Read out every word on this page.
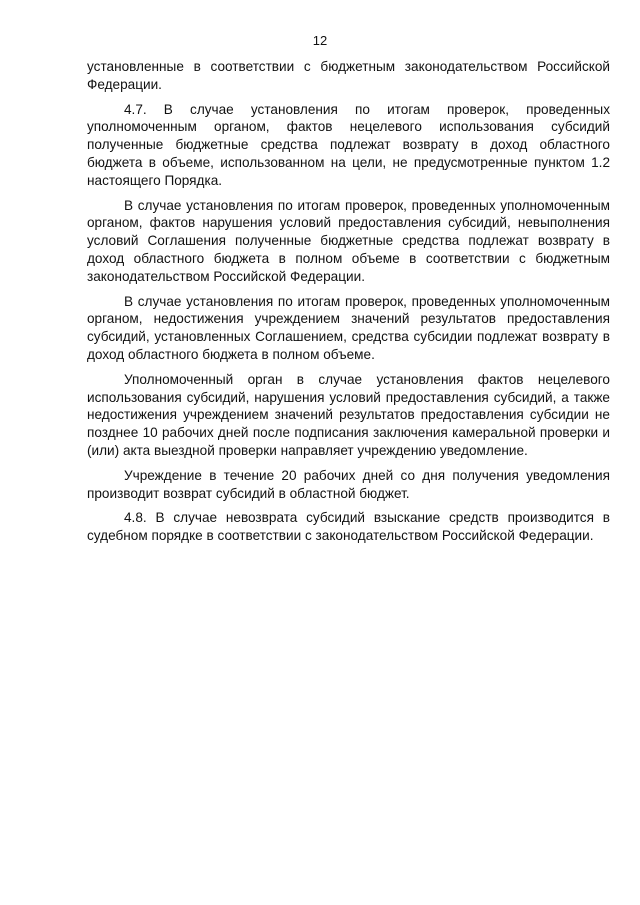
12

установленные в соответствии с бюджетным законодательством Российской Федерации.

4.7. В случае установления по итогам проверок, проведенных уполномоченным органом, фактов нецелевого использования субсидий полученные бюджетные средства подлежат возврату в доход областного бюджета в объеме, использованном на цели, не предусмотренные пунктом 1.2 настоящего Порядка.

В случае установления по итогам проверок, проведенных уполномоченным органом, фактов нарушения условий предоставления субсидий, невыполнения условий Соглашения полученные бюджетные средства подлежат возврату в доход областного бюджета в полном объеме в соответствии с бюджетным законодательством Российской Федерации.

В случае установления по итогам проверок, проведенных уполномоченным органом, недостижения учреждением значений результатов предоставления субсидий, установленных Соглашением, средства субсидии подлежат возврату в доход областного бюджета в полном объеме.

Уполномоченный орган в случае установления фактов нецелевого использования субсидий, нарушения условий предоставления субсидий, а также недостижения учреждением значений результатов предоставления субсидии не позднее 10 рабочих дней после подписания заключения камеральной проверки и (или) акта выездной проверки направляет учреждению уведомление.

Учреждение в течение 20 рабочих дней со дня получения уведомления производит возврат субсидий в областной бюджет.

4.8. В случае невозврата субсидий взыскание средств производится в судебном порядке в соответствии с законодательством Российской Федерации.
